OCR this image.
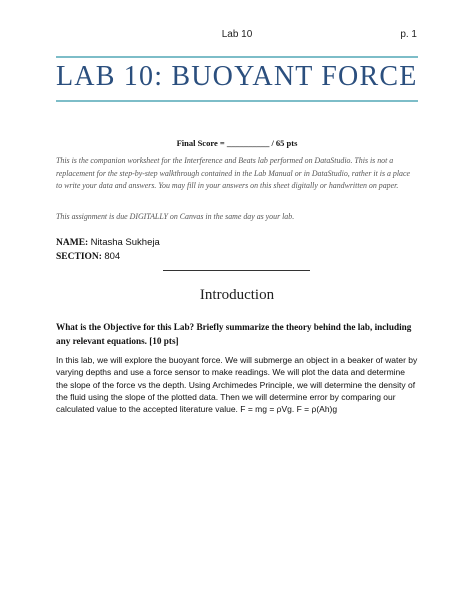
Lab 10	p. 1
LAB 10: BUOYANT FORCE
Final Score = __________ / 65 pts
This is the companion worksheet for the Interference and Beats lab performed on DataStudio. This is not a replacement for the step-by-step walkthrough contained in the Lab Manual or in DataStudio, rather it is a place to write your data and answers. You may fill in your answers on this sheet digitally or handwritten on paper.
This assignment is due DIGITALLY on Canvas in the same day as your lab.
NAME: Nitasha Sukheja
SECTION: 804
Introduction
What is the Objective for this Lab? Briefly summarize the theory behind the lab, including any relevant equations. [10 pts]
In this lab, we will explore the buoyant force. We will submerge an object in a beaker of water by varying depths and use a force sensor to make readings. We will plot the data and determine the slope of the force vs the depth. Using Archimedes Principle, we will determine the density of the fluid using the slope of the plotted data. Then we will determine error by comparing our calculated value to the accepted literature value. F = mg = ρVg. F = ρ(Ah)g
